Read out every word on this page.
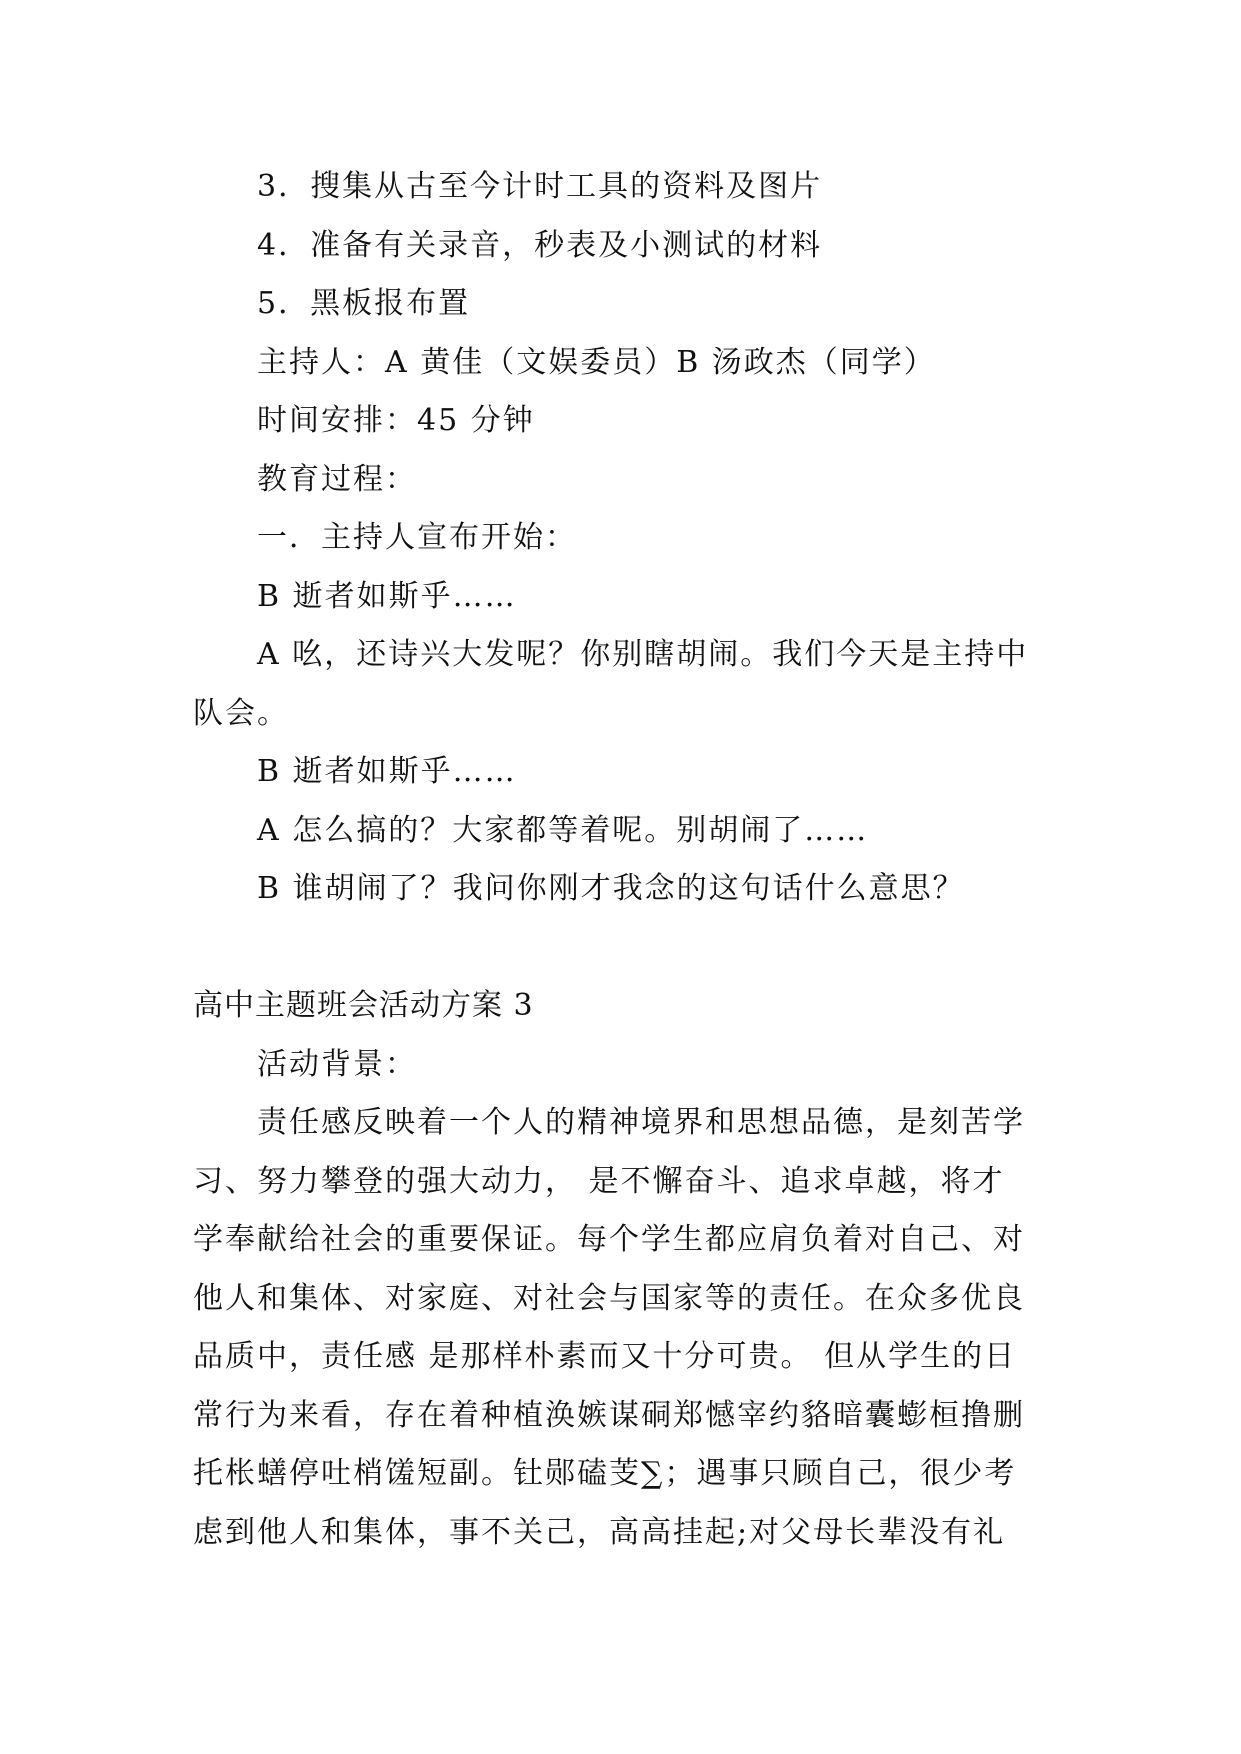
3．搜集从古至今计时工具的资料及图片
4．准备有关录音，秒表及小测试的材料
5．黑板报布置
主持人：A 黄佳（文娱委员）B 汤政杰（同学）
时间安排：45 分钟
教育过程：
一．主持人宣布开始：
B 逝者如斯乎……
A 吆，还诗兴大发呢？你别瞎胡闹。我们今天是主持中
队会。
B 逝者如斯乎……
A 怎么搞的？大家都等着呢。别胡闹了……
B 谁胡闹了？我问你刚才我念的这句话什么意思？
高中主题班会活动方案 3
活动背景：
责任感反映着一个人的精神境界和思想品德，是刻苦学
习、努力攀登的强大动力， 是不懈奋斗、追求卓越，将才
学奉献给社会的重要保证。每个学生都应肩负着对自己、对
他人和集体、对家庭、对社会与国家等的责任。在众多优良
品质中，责任感 是那样朴素而又十分可贵。 但从学生的日
常行为来看，存在着种植涣嫉谋硐郑憾宰约貉暗囊蟛桓撸删
托枨蟮停吐梢馐短副。钍郧磕芰∑；遇事只顾自己，很少考
虑到他人和集体，事不关己，高高挂起;对父母长辈没有礼
